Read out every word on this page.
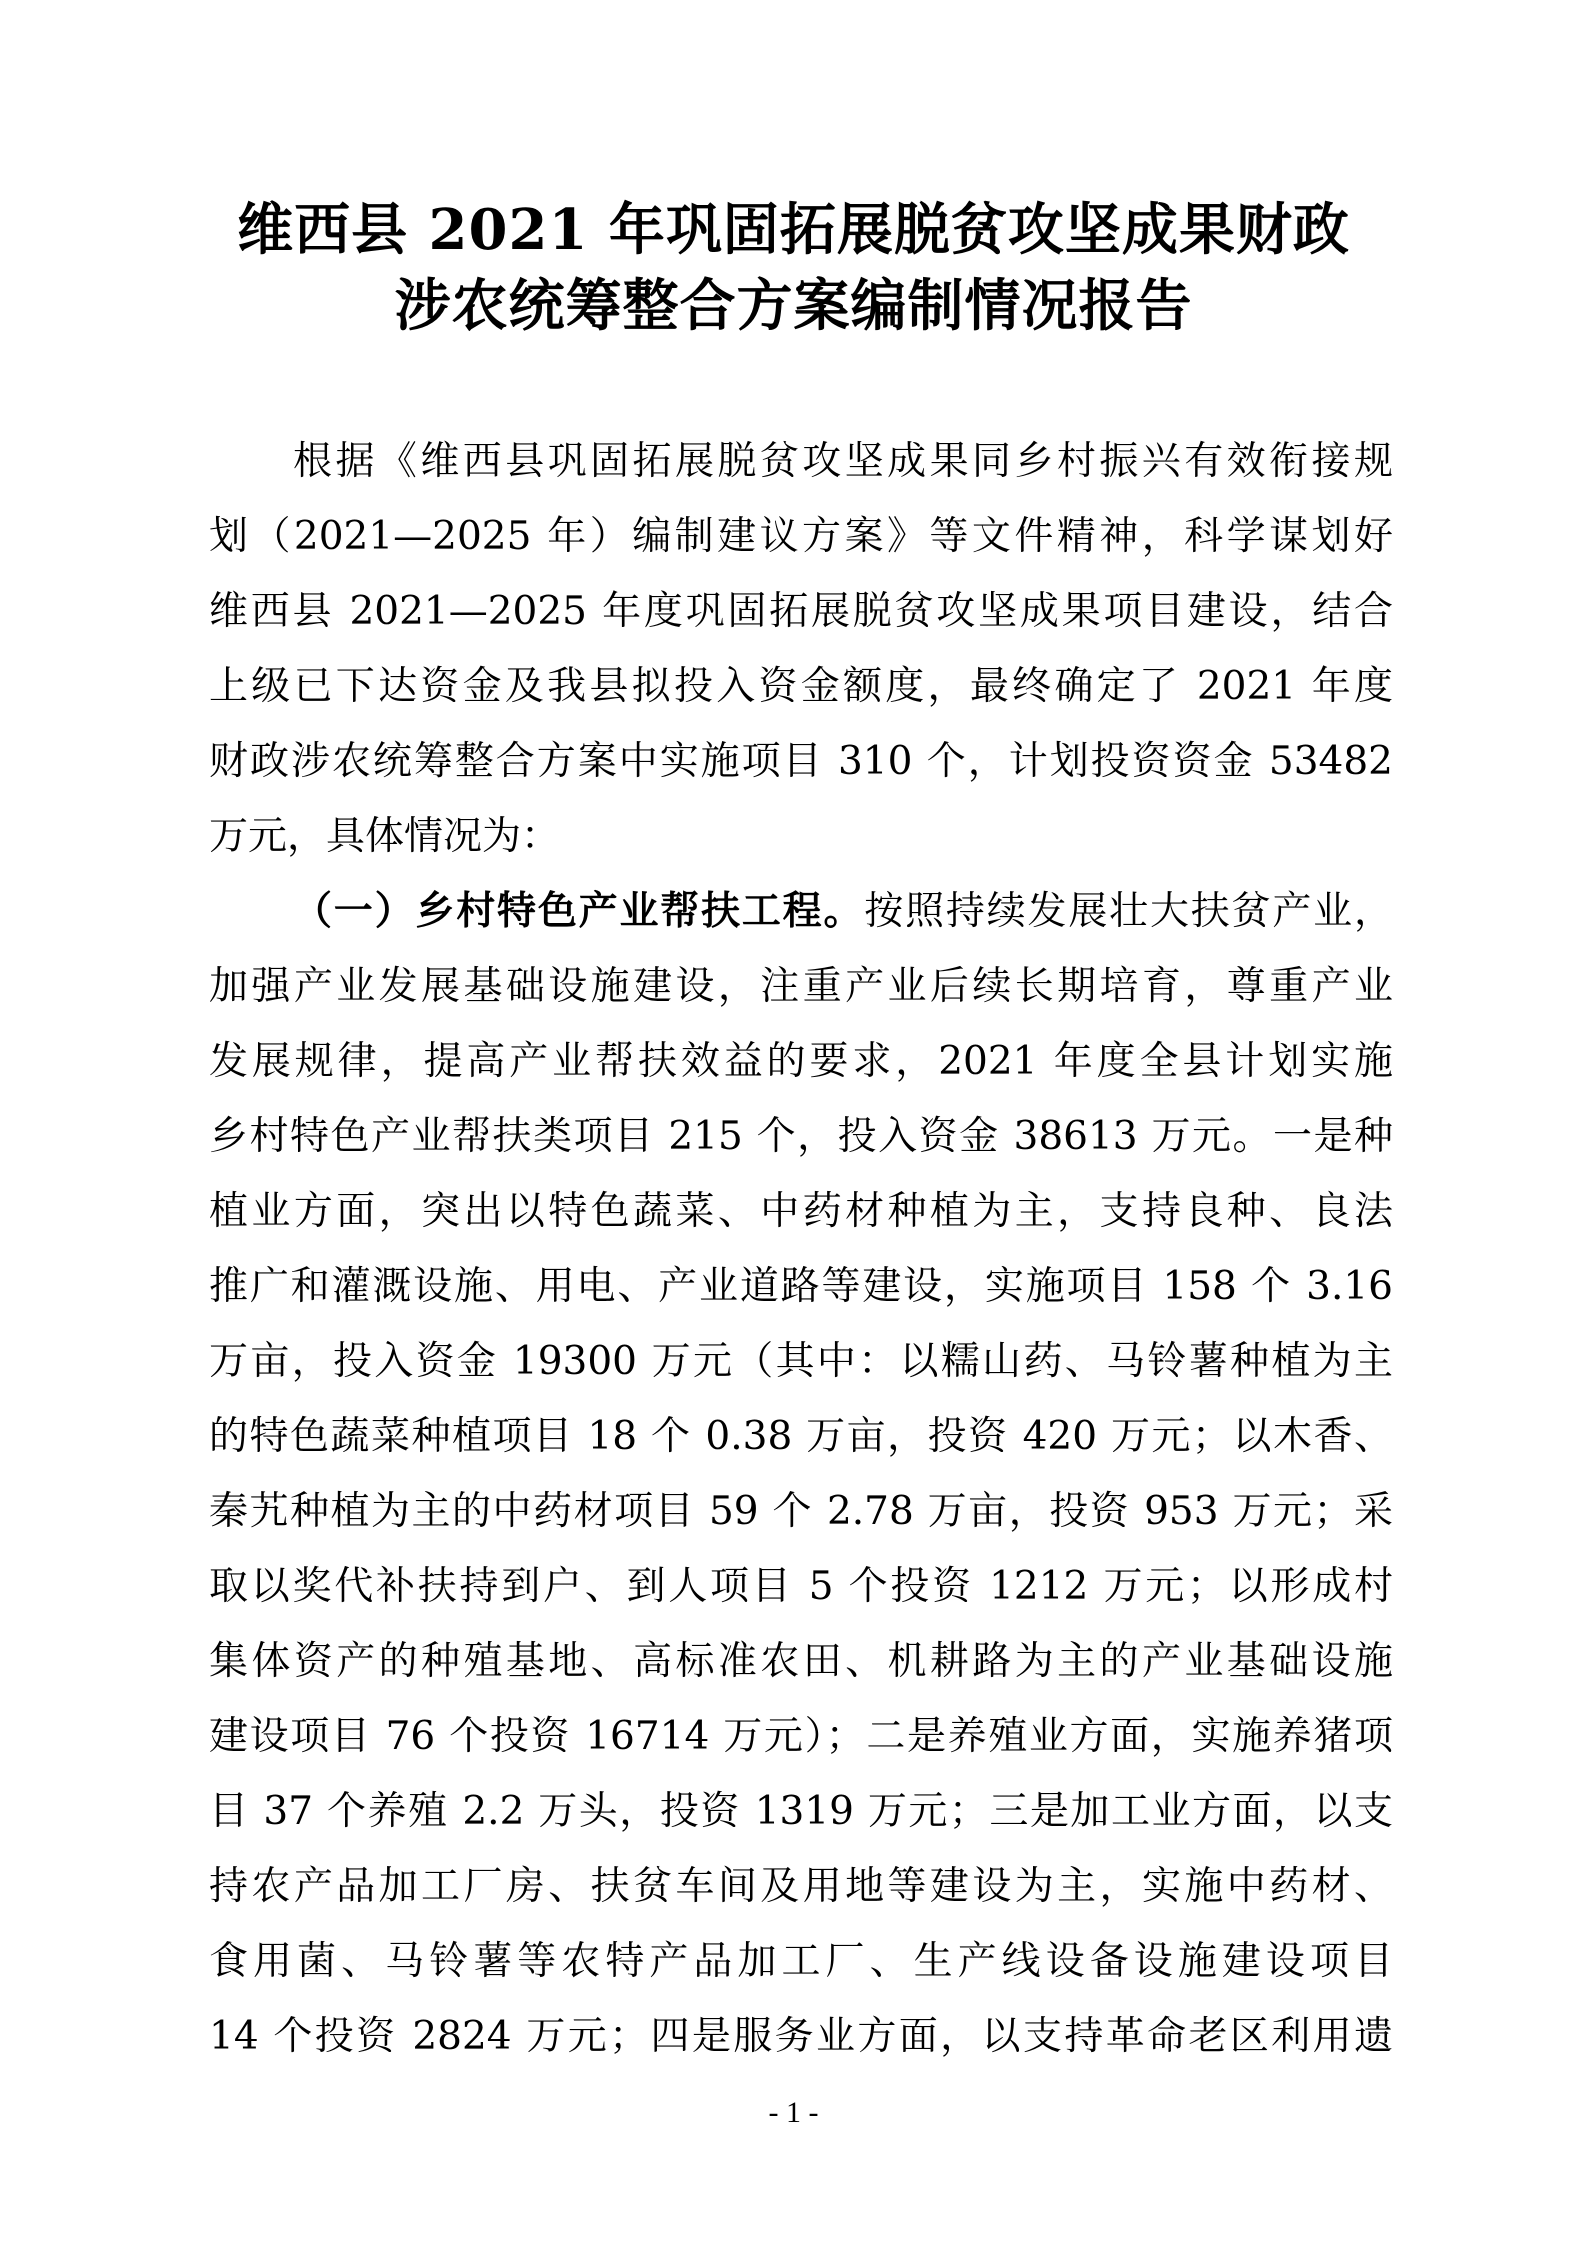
维西县 2021 年巩固拓展脱贫攻坚成果财政
涉农统筹整合方案编制情况报告
根据《维西县巩固拓展脱贫攻坚成果同乡村振兴有效衔接规
划（2021—2025 年）编制建议方案》等文件精神，科学谋划好
维西县 2021—2025 年度巩固拓展脱贫攻坚成果项目建设，结合
上级已下达资金及我县拟投入资金额度，最终确定了 2021 年度
财政涉农统筹整合方案中实施项目 310 个，计划投资资金 53482
万元，具体情况为：
（一）乡村特色产业帮扶工程。按照持续发展壮大扶贫产业，
加强产业发展基础设施建设，注重产业后续长期培育，尊重产业
发展规律，提高产业帮扶效益的要求，2021 年度全县计划实施
乡村特色产业帮扶类项目 215 个，投入资金 38613 万元。一是种
植业方面，突出以特色蔬菜、中药材种植为主，支持良种、良法
推广和灌溉设施、用电、产业道路等建设，实施项目 158 个 3.16
万亩，投入资金 19300 万元（其中：以糯山药、马铃薯种植为主
的特色蔬菜种植项目 18 个 0.38 万亩，投资 420 万元；以木香、
秦艽种植为主的中药材项目 59 个 2.78 万亩，投资 953 万元；采
取以奖代补扶持到户、到人项目 5 个投资 1212 万元；以形成村
集体资产的种殖基地、高标准农田、机耕路为主的产业基础设施
建设项目 76 个投资 16714 万元）；二是养殖业方面，实施养猪项
目 37 个养殖 2.2 万头，投资 1319 万元；三是加工业方面，以支
持农产品加工厂房、扶贫车间及用地等建设为主，实施中药材、
食用菌、马铃薯等农特产品加工厂、生产线设备设施建设项目
14 个投资 2824 万元；四是服务业方面，以支持革命老区利用遗
- 1 -
